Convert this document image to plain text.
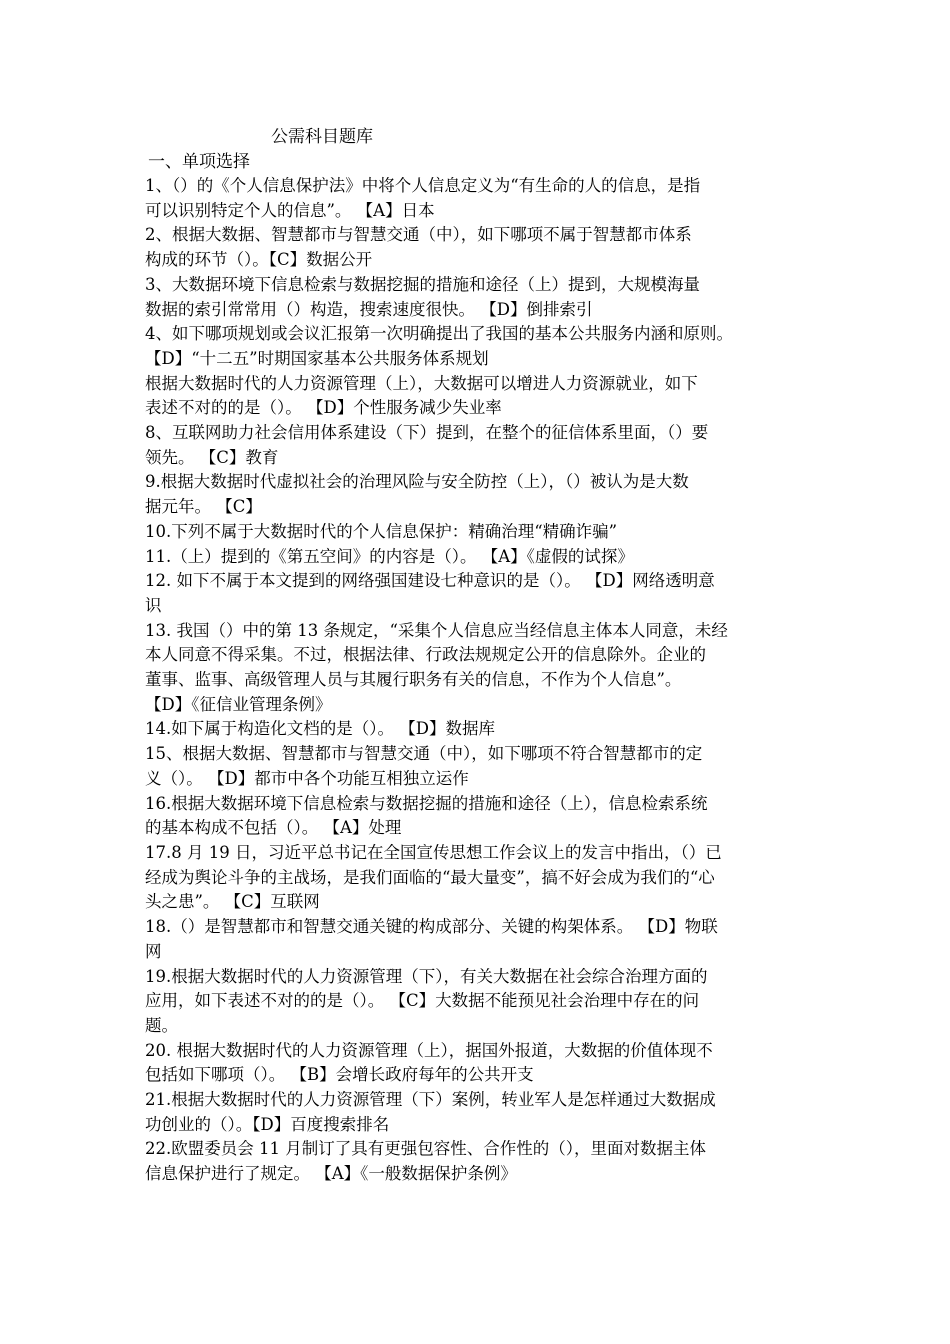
公需科目题库
一、单项选择
1、（）的《个人信息保护法》中将个人信息定义为“有生命的人的信息，是指
可以识别特定个人的信息”。 【A】日本
2、根据大数据、智慧都市与智慧交通（中），如下哪项不属于智慧都市体系
构成的环节（）。【C】数据公开
3、大数据环境下信息检索与数据挖掘的措施和途径（上）提到，大规模海量
数据的索引常常用（）构造，搜索速度很快。 【D】倒排索引
4、如下哪项规划或会议汇报第一次明确提出了我国的基本公共服务内涵和原则。
【D】“十二五”时期国家基本公共服务体系规划
根据大数据时代的人力资源管理（上），大数据可以增进人力资源就业，如下
表述不对的的是（）。 【D】个性服务减少失业率
8、互联网助力社会信用体系建设（下）提到，在整个的征信体系里面，（）要
领先。 【C】教育
9.根据大数据时代虚拟社会的治理风险与安全防控（上），（）被认为是大数
据元年。 【C】
10.下列不属于大数据时代的个人信息保护：精确治理“精确诈骗”
11.（上）提到的《第五空间》的内容是（）。 【A】《虚假的试探》
12. 如下不属于本文提到的网络强国建设七种意识的是（）。 【D】网络透明意
识
13. 我国（）中的第 13 条规定，“采集个人信息应当经信息主体本人同意，未经
本人同意不得采集。不过，根据法律、行政法规规定公开的信息除外。企业的
董事、监事、高级管理人员与其履行职务有关的信息，不作为个人信息”。
【D】《征信业管理条例》
14.如下属于构造化文档的是（）。 【D】数据库
15、根据大数据、智慧都市与智慧交通（中），如下哪项不符合智慧都市的定
义（）。 【D】都市中各个功能互相独立运作
16.根据大数据环境下信息检索与数据挖掘的措施和途径（上），信息检索系统
的基本构成不包括（）。 【A】处理
17.8 月 19 日，习近平总书记在全国宣传思想工作会议上的发言中指出，（）已
经成为舆论斗争的主战场，是我们面临的“最大量变”，搞不好会成为我们的“心
头之患”。 【C】互联网
18.（）是智慧都市和智慧交通关键的构成部分、关键的构架体系。 【D】物联
网
19.根据大数据时代的人力资源管理（下），有关大数据在社会综合治理方面的
应用，如下表述不对的的是（）。 【C】大数据不能预见社会治理中存在的问
题。
20. 根据大数据时代的人力资源管理（上），据国外报道，大数据的价值体现不
包括如下哪项（）。 【B】会增长政府每年的公共开支
21.根据大数据时代的人力资源管理（下）案例，转业军人是怎样通过大数据成
功创业的（）。【D】百度搜索排名
22.欧盟委员会 11 月制订了具有更强包容性、合作性的（），里面对数据主体
信息保护进行了规定。 【A】《一般数据保护条例》
